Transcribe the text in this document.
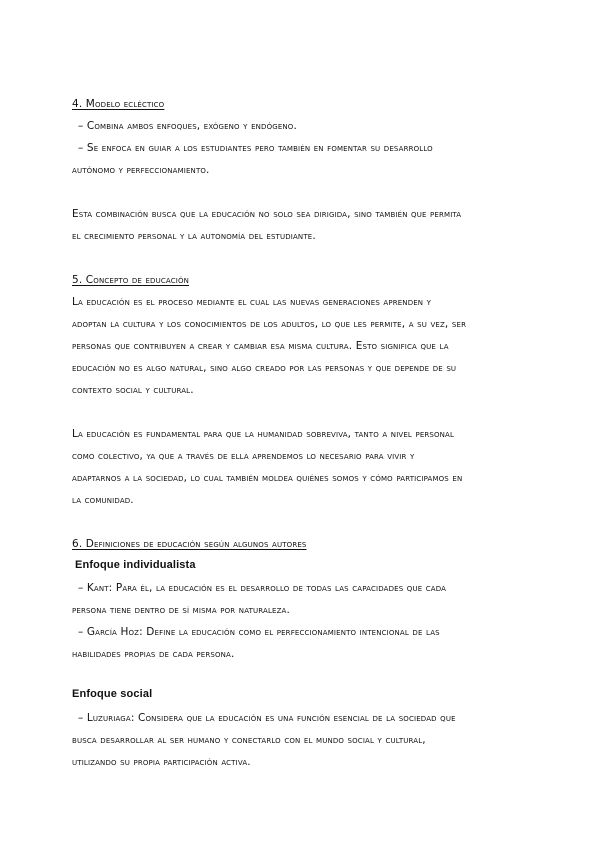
4. Modelo ecléctico
– Combina ambos enfoques, exógeno y endógeno.
– Se enfoca en guiar a los estudiantes pero también en fomentar su desarrollo
autónomo y perfeccionamiento.
Esta combinación busca que la educación no solo sea dirigida, sino también que permita
el crecimiento personal y la autonomía del estudiante.
5. Concepto de educación
La educación es el proceso mediante el cual las nuevas generaciones aprenden y
adoptan la cultura y los conocimientos de los adultos, lo que les permite, a su vez, ser
personas que contribuyen a crear y cambiar esa misma cultura. Esto significa que la
educación no es algo natural, sino algo creado por las personas y que depende de su
contexto social y cultural.
La educación es fundamental para que la humanidad sobreviva, tanto a nivel personal
como colectivo, ya que a través de ella aprendemos lo necesario para vivir y
adaptarnos a la sociedad, lo cual también moldea quiénes somos y cómo participamos en
la comunidad.
6. Definiciones de educación según algunos autores
Enfoque individualista
– Kant: Para él, la educación es el desarrollo de todas las capacidades que cada
persona tiene dentro de sí misma por naturaleza.
– García Hoz: Define la educación como el perfeccionamiento intencional de las
habilidades propias de cada persona.
Enfoque social
– Luzuriaga: Considera que la educación es una función esencial de la sociedad que
busca desarrollar al ser humano y conectarlo con el mundo social y cultural,
utilizando su propia participación activa.
